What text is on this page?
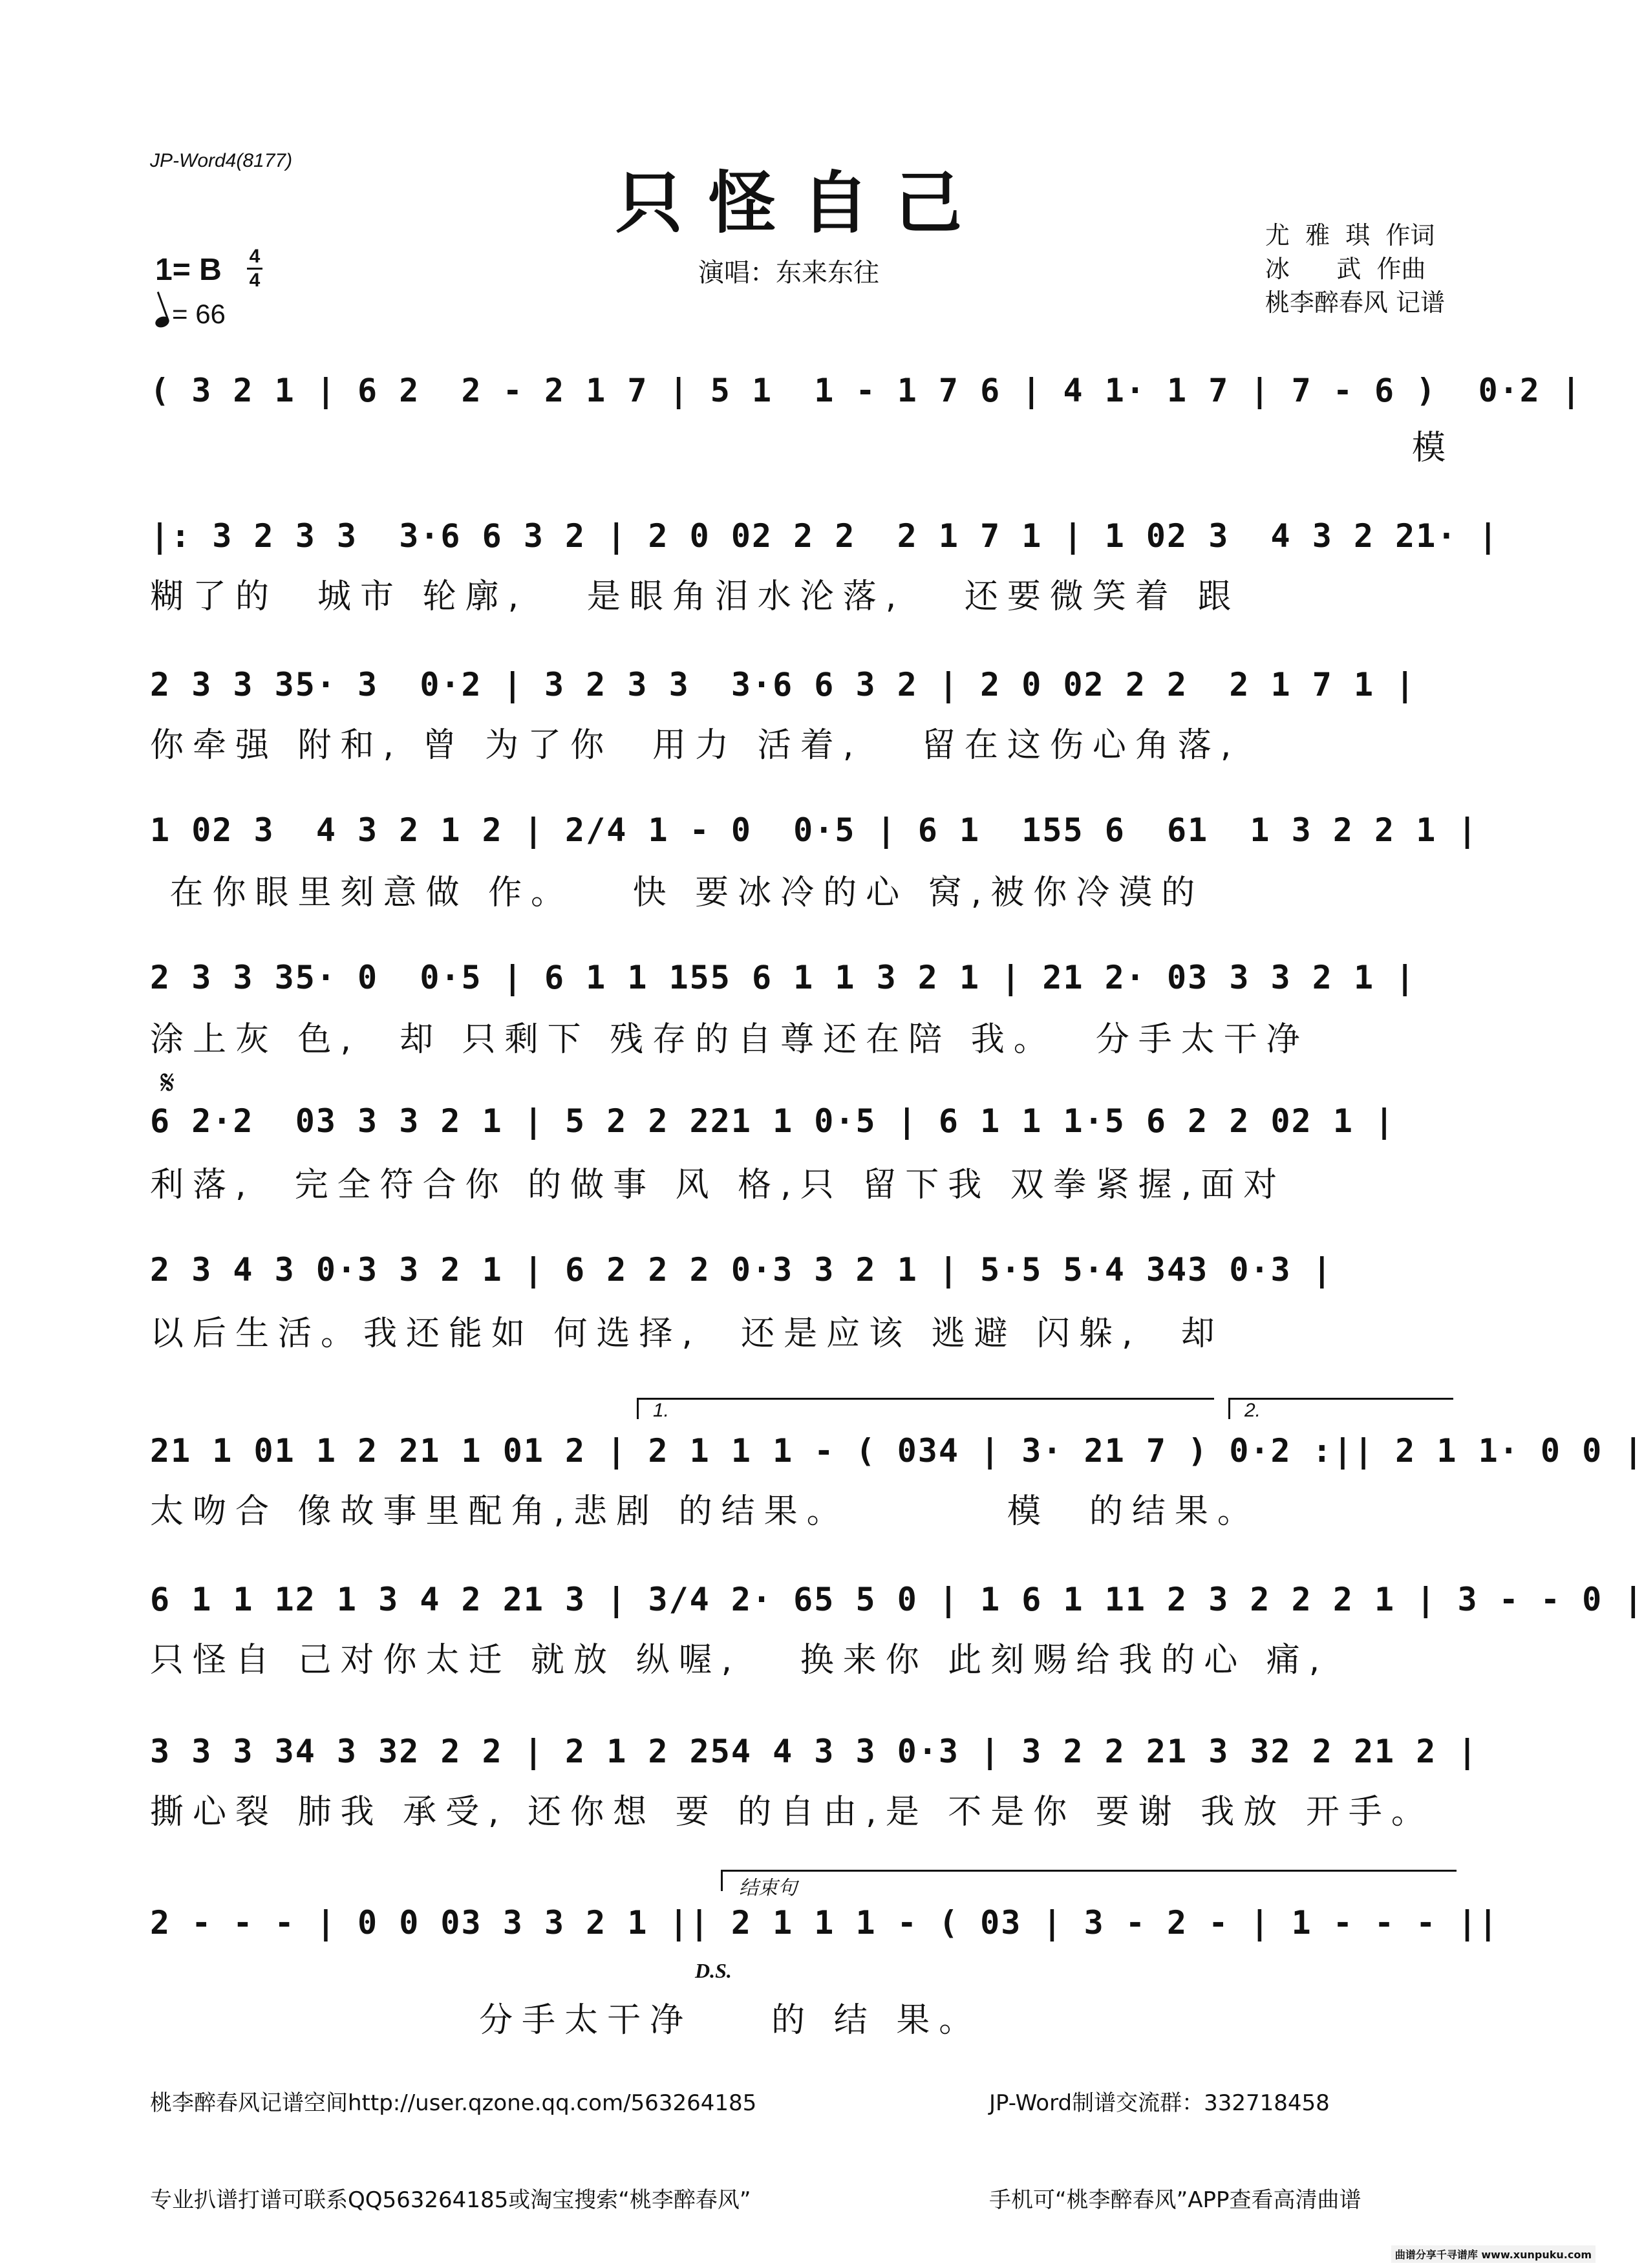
JP-Word4(8177)
只怪自己
1= B 4
4
= 66
演唱：东来东往
尤  雅  琪  作词
冰      武  作曲
桃李醉春风 记谱
( 3 2 1 | 6 2  2 - 2 1 7 | 5 1  1 - 1 7 6 | 4 1· 1 7 | 7 - 6 )  0·2 |
模
|: 3 2 3 3  3·6 6 3 2 | 2 0 02 2 2  2 1 7 1 | 1 02 3  4 3 2 21· |
糊了的  城市 轮廓,   是眼角泪水沦落,   还要微笑着 跟
2 3 3 35· 3  0·2 | 3 2 3 3  3·6 6 3 2 | 2 0 02 2 2  2 1 7 1 |
你牵强 附和, 曾 为了你  用力 活着,   留在这伤心角落,
1 02 3  4 3 2 1 2 | 2/4 1 - 0  0·5 | 6 1  155 6  61  1 3 2 2 1 |
在你眼里刻意做 作。   快 要冰冷的心 窝,被你冷漠的
2 3 3 35· 0  0·5 | 6 1 1 155 6 1 1 3 2 1 | 21 2· 03 3 3 2 1 |
涂上灰 色,  却 只剩下 残存的自尊还在陪 我。  分手太干净
𝄋
6 2·2  03 3 3 2 1 | 5 2 2 221 1 0·5 | 6 1 1 1·5 6 2 2 02 1 |
利落,  完全符合你 的做事 风 格,只 留下我 双拳紧握,面对
2 3 4 3 0·3 3 2 1 | 6 2 2 2 0·3 3 2 1 | 5·5 5·4 343 0·3 |
以后生活。我还能如 何选择,  还是应该 逃避 闪躲,  却
1.	2.
21 1 01 1 2 21 1 01 2 | 2 1 1 1 - ( 034 | 3· 21 7 ) 0·2 :|| 2 1 1· 0 0 |
太吻合 像故事里配角,悲剧 的结果。        模  的结果。
6 1 1 12 1 3 4 2 21 3 | 3/4 2· 65 5 0 | 1 6 1 11 2 3 2 2 2 1 | 3 - - 0 |
只怪自 己对你太迁 就放 纵喔,   换来你 此刻赐给我的心 痛,
3 3 3 34 3 32 2 2 | 2 1 2 254 4 3 3 0·3 | 3 2 2 21 3 32 2 21 2 |
撕心裂 肺我 承受, 还你想 要 的自由,是 不是你 要谢 我放 开手。
结束句
2 - - - | 0 0 03 3 3 2 1 || 2 1 1 1 - ( 03 | 3 - 2 - | 1 - - - ||

分手太干净    的 结 果。

D.S.

桃李醉春风记谱空间http://user.qzone.qq.com/563264185

专业扒谱打谱可联系QQ563264185或淘宝搜索“桃李醉春风”

JP-Word制谱交流群：332718458

手机可“桃李醉春风”APP查看高清曲谱

曲谱分享千寻谱库 www.xunpuku.com
